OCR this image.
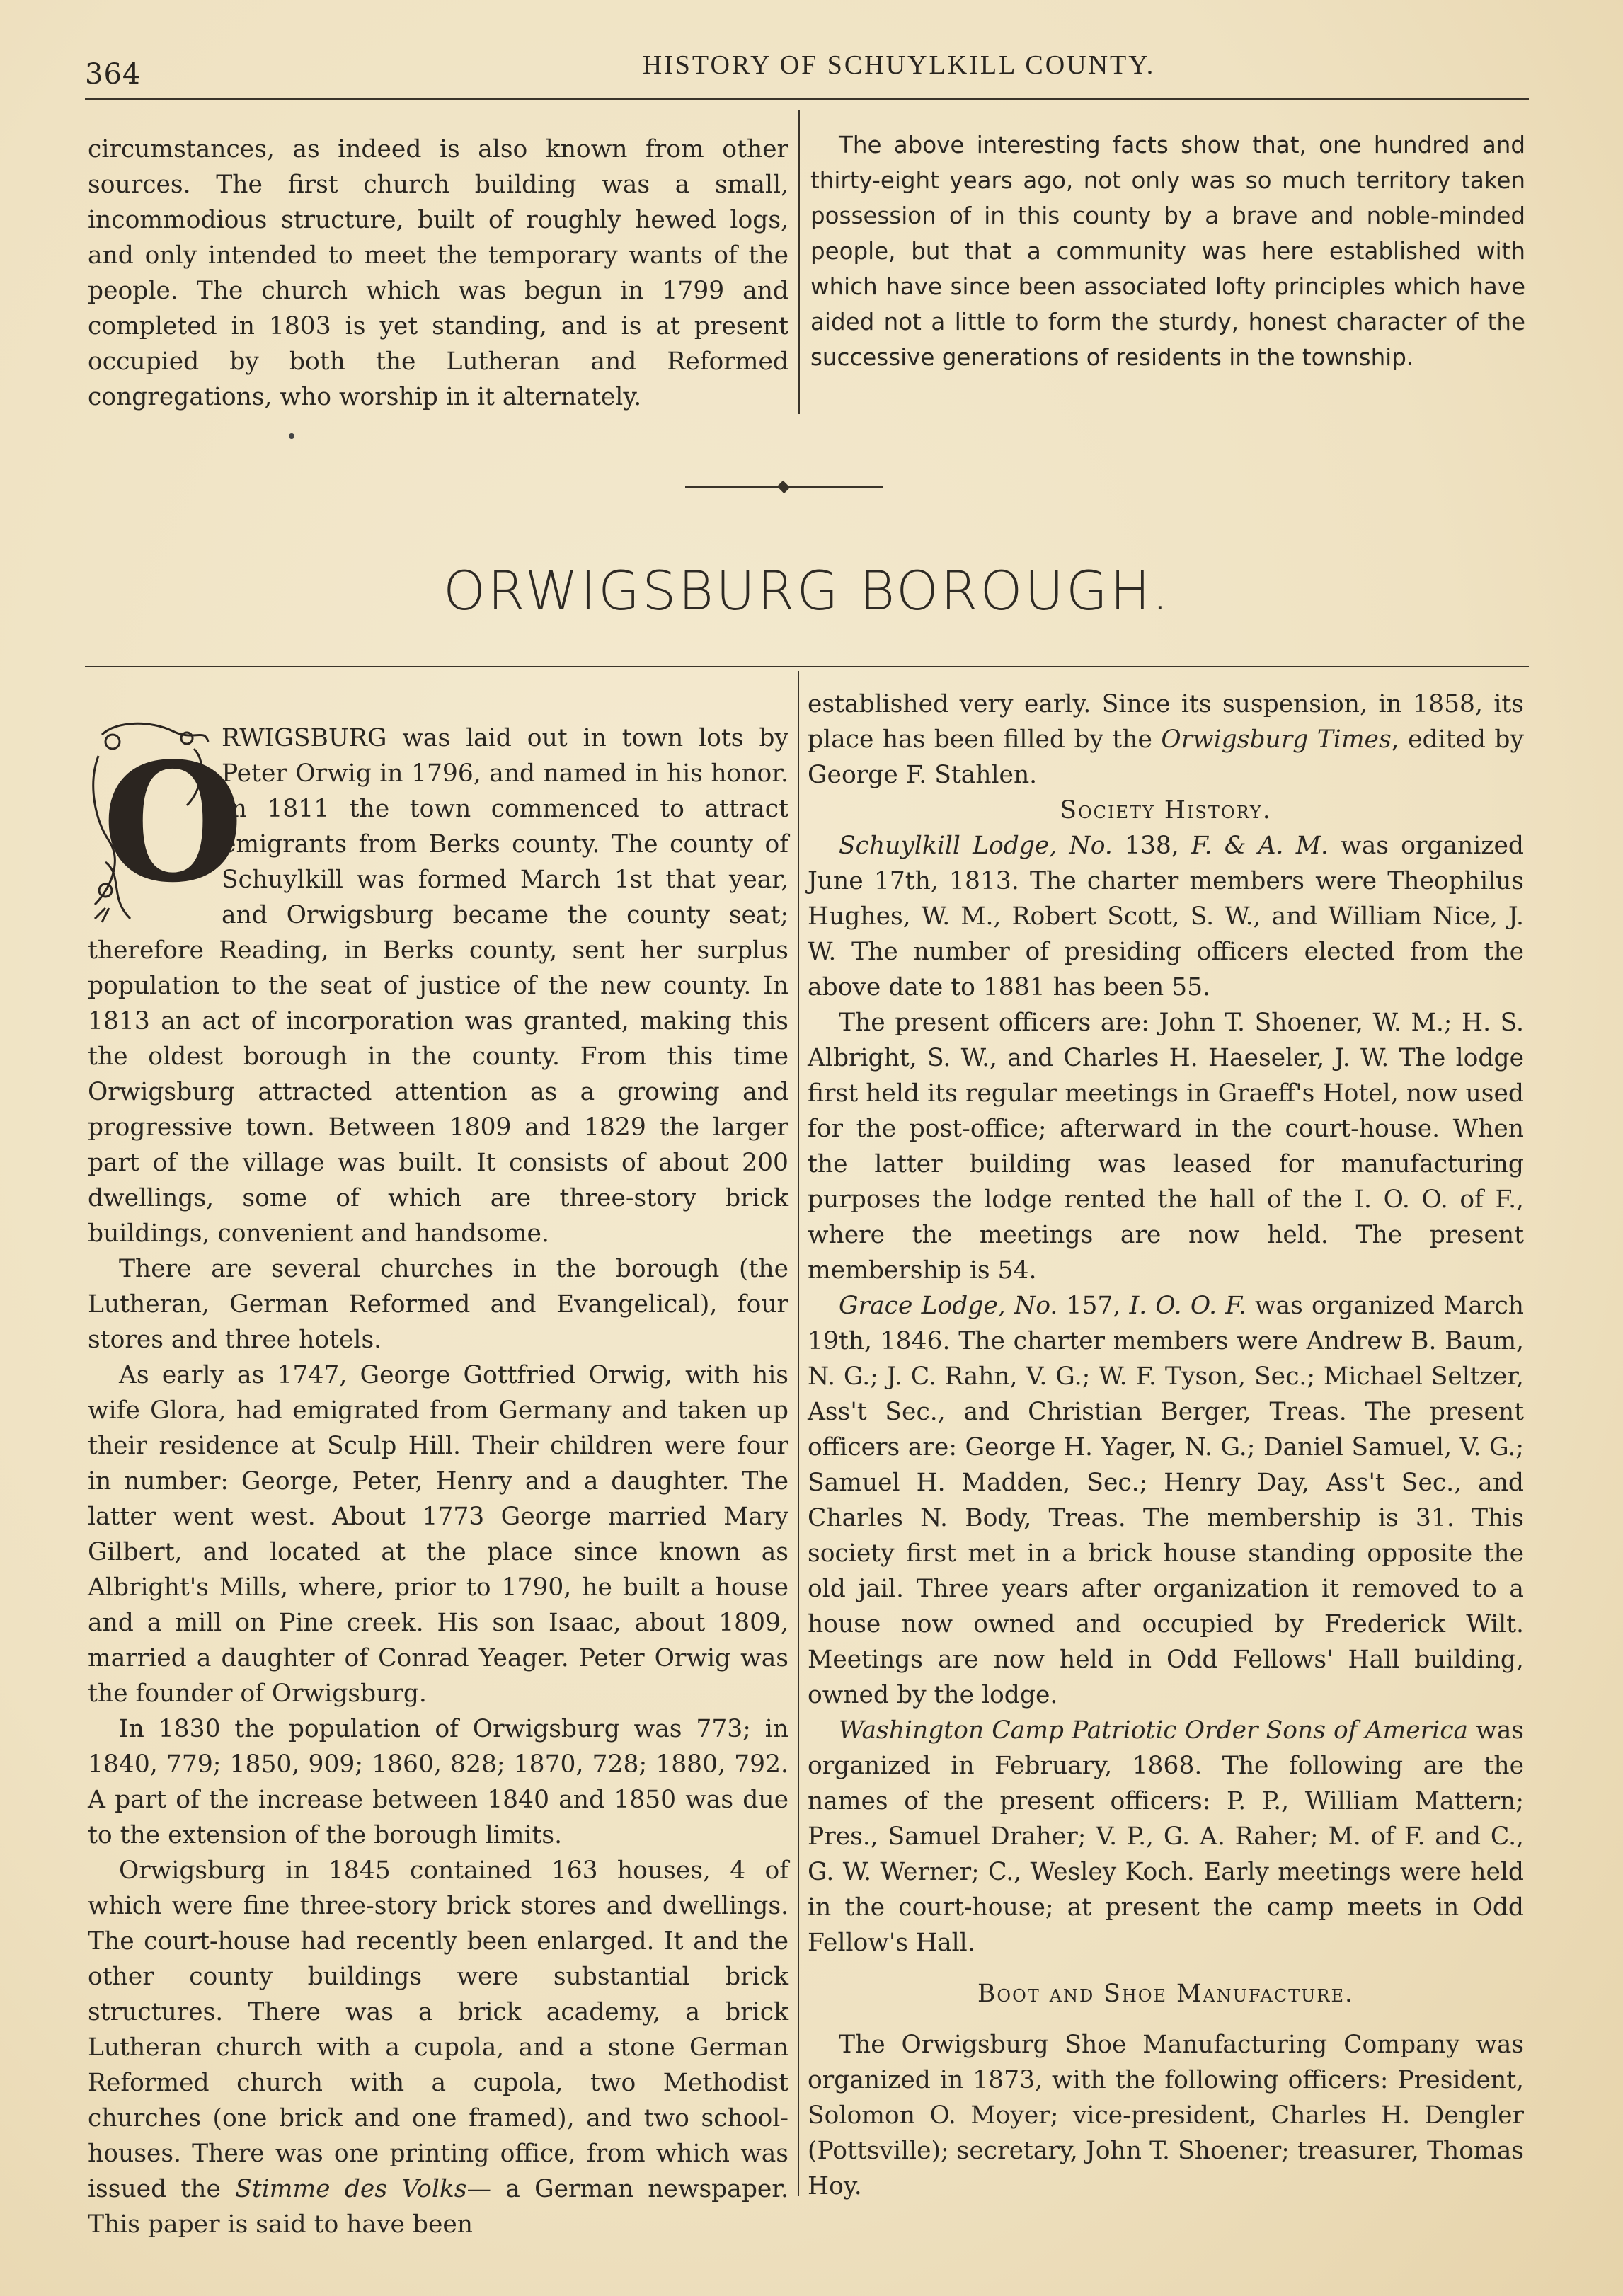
364	HISTORY OF SCHUYLKILL COUNTY.

circumstances, as indeed is also known from other sources. The first church building was a small, incommodious structure, built of roughly hewed logs, and only intended to meet the temporary wants of the people. The church which was begun in 1799 and completed in 1803 is yet standing, and is at present occupied by both the Lutheran and Reformed congregations, who worship in it alternately.

The above interesting facts show that, one hundred and thirty-eight years ago, not only was so much territory taken possession of in this county by a brave and noble-minded people, but that a community was here established with which have since been associated lofty principles which have aided not a little to form the sturdy, honest character of the successive generations of residents in the township.

ORWIGSBURG BOROUGH.
O

RWIGSBURG was laid out in town lots by Peter Orwig in 1796, and named in his honor. In 1811 the town commenced to attract emigrants from Berks county. The county of Schuylkill was formed March 1st that year, and Orwigsburg became the county seat; therefore Reading, in Berks county, sent her surplus population to the seat of justice of the new county. In 1813 an act of incorporation was granted, making this the oldest borough in the county. From this time Orwigsburg attracted attention as a growing and progressive town. Between 1809 and 1829 the larger part of the village was built. It consists of about 200 dwellings, some of which are three-story brick buildings, convenient and handsome.

There are several churches in the borough (the Lutheran, German Reformed and Evangelical), four stores and three hotels.

As early as 1747, George Gottfried Orwig, with his wife Glora, had emigrated from Germany and taken up their residence at Sculp Hill. Their children were four in number: George, Peter, Henry and a daughter. The latter went west. About 1773 George married Mary Gilbert, and located at the place since known as Albright's Mills, where, prior to 1790, he built a house and a mill on Pine creek. His son Isaac, about 1809, married a daughter of Conrad Yeager. Peter Orwig was the founder of Orwigsburg.

In 1830 the population of Orwigsburg was 773; in 1840, 779; 1850, 909; 1860, 828; 1870, 728; 1880, 792. A part of the increase between 1840 and 1850 was due to the extension of the borough limits.

Orwigsburg in 1845 contained 163 houses, 4 of which were fine three-story brick stores and dwellings. The court-house had recently been enlarged. It and the other county buildings were substantial brick structures. There was a brick academy, a brick Lutheran church with a cupola, and a stone German Reformed church with a cupola, two Methodist churches (one brick and one framed), and two school-houses. There was one printing office, from which was issued the Stimme des Volks— a German newspaper. This paper is said to have been

established very early. Since its suspension, in 1858, its place has been filled by the Orwigsburg Times, edited by George F. Stahlen.

Society History.

Schuylkill Lodge, No. 138, F. & A. M. was organized June 17th, 1813. The charter members were Theophilus Hughes, W. M., Robert Scott, S. W., and William Nice, J. W. The number of presiding officers elected from the above date to 1881 has been 55.

The present officers are: John T. Shoener, W. M.; H. S. Albright, S. W., and Charles H. Haeseler, J. W. The lodge first held its regular meetings in Graeff's Hotel, now used for the post-office; afterward in the court-house. When the latter building was leased for manufacturing purposes the lodge rented the hall of the I. O. O. of F., where the meetings are now held. The present membership is 54.

Grace Lodge, No. 157, I. O. O. F. was organized March 19th, 1846. The charter members were Andrew B. Baum, N. G.; J. C. Rahn, V. G.; W. F. Tyson, Sec.; Michael Seltzer, Ass't Sec., and Christian Berger, Treas. The present officers are: George H. Yager, N. G.; Daniel Samuel, V. G.; Samuel H. Madden, Sec.; Henry Day, Ass't Sec., and Charles N. Body, Treas. The membership is 31. This society first met in a brick house standing opposite the old jail. Three years after organization it removed to a house now owned and occupied by Frederick Wilt. Meetings are now held in Odd Fellows' Hall building, owned by the lodge.

Washington Camp Patriotic Order Sons of America was organized in February, 1868. The following are the names of the present officers: P. P., William Mattern; Pres., Samuel Draher; V. P., G. A. Raher; M. of F. and C., G. W. Werner; C., Wesley Koch. Early meetings were held in the court-house; at present the camp meets in Odd Fellow's Hall.

Boot and Shoe Manufacture.

The Orwigsburg Shoe Manufacturing Company was organized in 1873, with the following officers: President, Solomon O. Moyer; vice-president, Charles H. Dengler (Pottsville); secretary, John T. Shoener; treasurer, Thomas Hoy.
